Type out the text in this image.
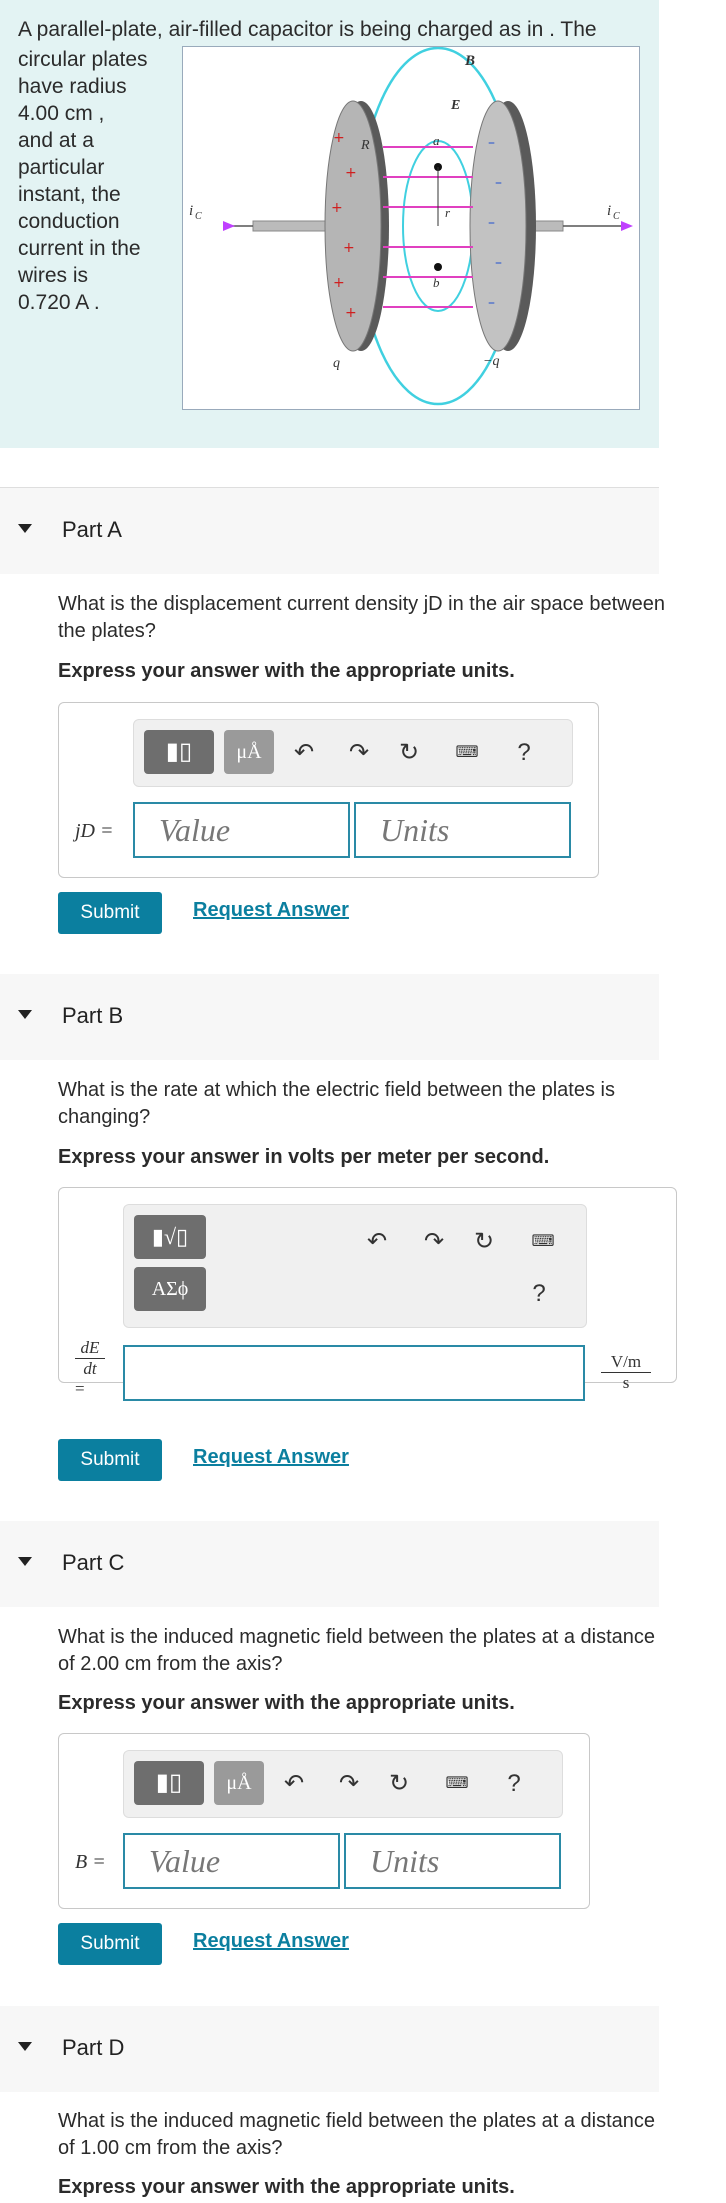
A parallel-plate, air-filled capacitor is being charged as in . The
circular plates
have radius
4.00 cm ,
and at a
particular
instant, the
conduction
current in the
wires is
0.720 A .
+
+
+
+
+
+
–
–
–
–
–
B
E
R	a
r
b
i C	i C
q	−q
Part A
What is the displacement current density jD in the air space between the plates?
Express your answer with the appropriate units.
▮▯	μÅ	↶ ↷ ↻	⌨	?
jD =	Value	Units
Submit	Request Answer
Part B
What is the rate at which the electric field between the plates is changing?
Express your answer in volts per meter per second.
▮√▯
ΑΣϕ
↶ ↷ ↻	⌨
?
dE
dt
=	$\frac{V/m}{s}$
Submit	Request Answer
Part C
What is the induced magnetic field between the plates at a distance of 2.00 cm from the axis?
Express your answer with the appropriate units.
▮▯	μÅ	↶ ↷ ↻	⌨	?
B =	Value	Units
Submit	Request Answer
Part D
What is the induced magnetic field between the plates at a distance of 1.00 cm from the axis?
Express your answer with the appropriate units.
